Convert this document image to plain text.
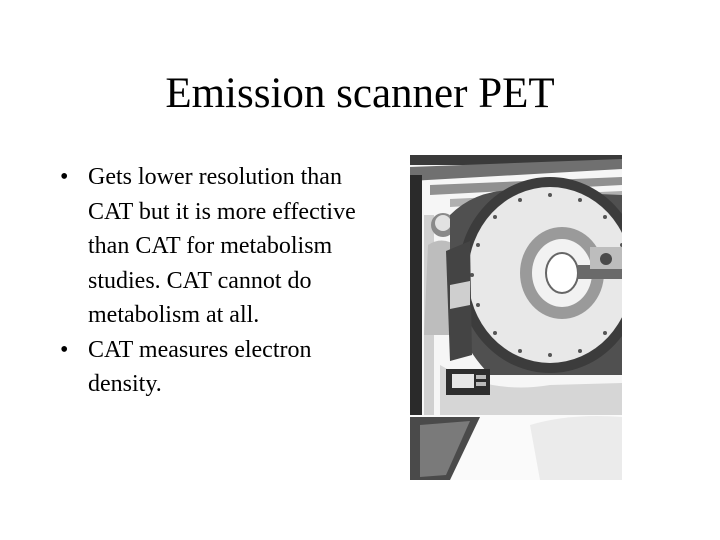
Emission scanner PET
• Gets lower resolution than CAT but it is more effective than CAT for metabolism studies. CAT cannot do metabolism at all.
• CAT measures electron density.
